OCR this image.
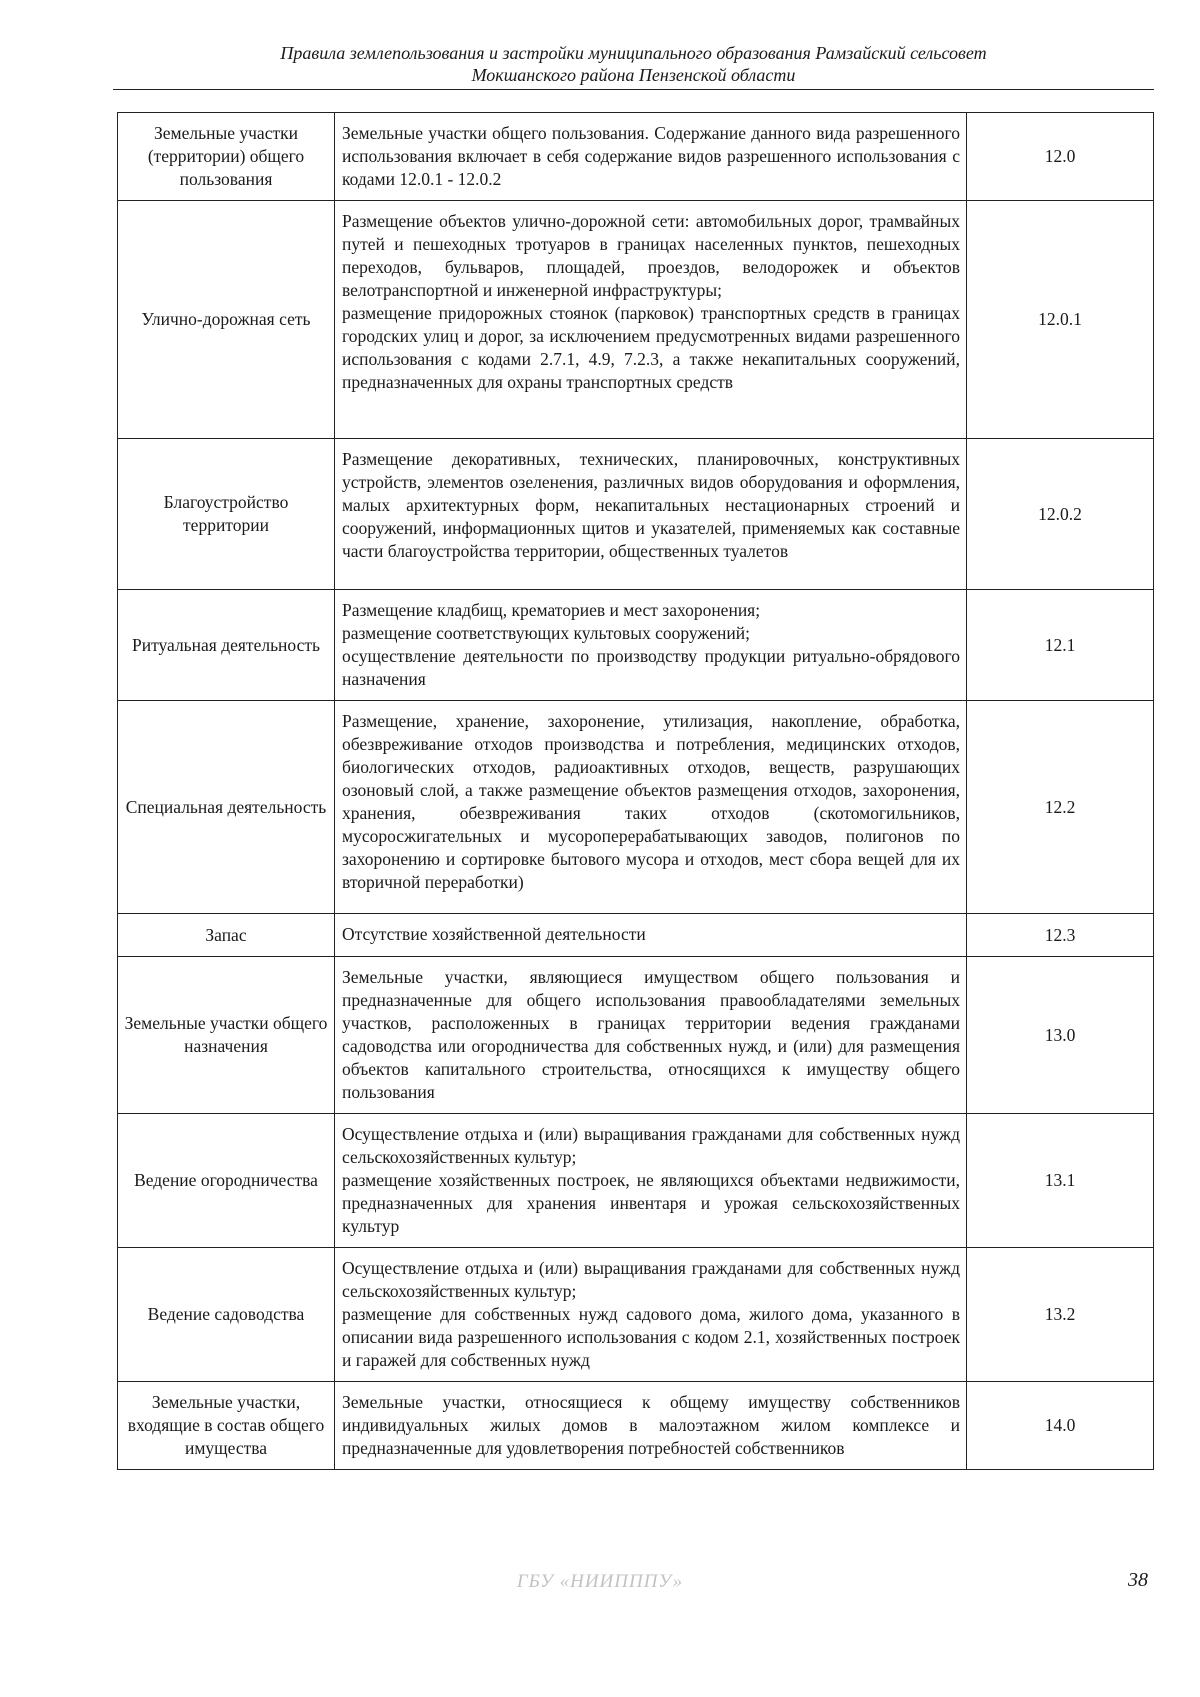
Правила землепользования и застройки муниципального образования Рамзайский сельсовет
Мокшанского района Пензенской области
Земельные участки (территории) общего пользования	Земельные участки общего пользования. Содержание данного вида разрешенного использования включает в себя содержание видов разрешенного использования с кодами 12.0.1 - 12.0.2	12.0
Улично-дорожная сеть	Размещение объектов улично-дорожной сети: автомобильных дорог, трамвайных путей и пешеходных тротуаров в границах населенных пунктов, пешеходных переходов, бульваров, площадей, проездов, велодорожек и объектов велотранспортной и инженерной инфраструктуры;
размещение придорожных стоянок (парковок) транспортных средств в границах городских улиц и дорог, за исключением предусмотренных видами разрешенного использования с кодами 2.7.1, 4.9, 7.2.3, а также некапитальных сооружений, предназначенных для охраны транспортных средств	12.0.1
Благоустройство территории	Размещение декоративных, технических, планировочных, конструктивных устройств, элементов озеленения, различных видов оборудования и оформления, малых архитектурных форм, некапитальных нестационарных строений и сооружений, информационных щитов и указателей, применяемых как составные части благоустройства территории, общественных туалетов	12.0.2
Ритуальная деятельность	Размещение кладбищ, крематориев и мест захоронения;
размещение соответствующих культовых сооружений;
осуществление деятельности по производству продукции ритуально-обрядового назначения	12.1
Специальная деятельность	Размещение, хранение, захоронение, утилизация, накопление, обработка, обезвреживание отходов производства и потребления, медицинских отходов, биологических отходов, радиоактивных отходов, веществ, разрушающих озоновый слой, а также размещение объектов размещения отходов, захоронения, хранения, обезвреживания таких отходов (скотомогильников, мусоросжигательных и мусороперерабатывающих заводов, полигонов по захоронению и сортировке бытового мусора и отходов, мест сбора вещей для их вторичной переработки)	12.2
Запас	Отсутствие хозяйственной деятельности	12.3
Земельные участки общего назначения	Земельные участки, являющиеся имуществом общего пользования и предназначенные для общего использования правообладателями земельных участков, расположенных в границах территории ведения гражданами садоводства или огородничества для собственных нужд, и (или) для размещения объектов капитального строительства, относящихся к имуществу общего пользования	13.0
Ведение огородничества	Осуществление отдыха и (или) выращивания гражданами для собственных нужд сельскохозяйственных культур;
размещение хозяйственных построек, не являющихся объектами недвижимости, предназначенных для хранения инвентаря и урожая сельскохозяйственных культур	13.1
Ведение садоводства	Осуществление отдыха и (или) выращивания гражданами для собственных нужд сельскохозяйственных культур;
размещение для собственных нужд садового дома, жилого дома, указанного в описании вида разрешенного использования с кодом 2.1, хозяйственных построек и гаражей для собственных нужд	13.2
Земельные участки, входящие в состав общего имущества	Земельные участки, относящиеся к общему имуществу собственников индивидуальных жилых домов в малоэтажном жилом комплексе и предназначенные для удовлетворения потребностей собственников	14.0
ГБУ «НИИПППУ»	38
